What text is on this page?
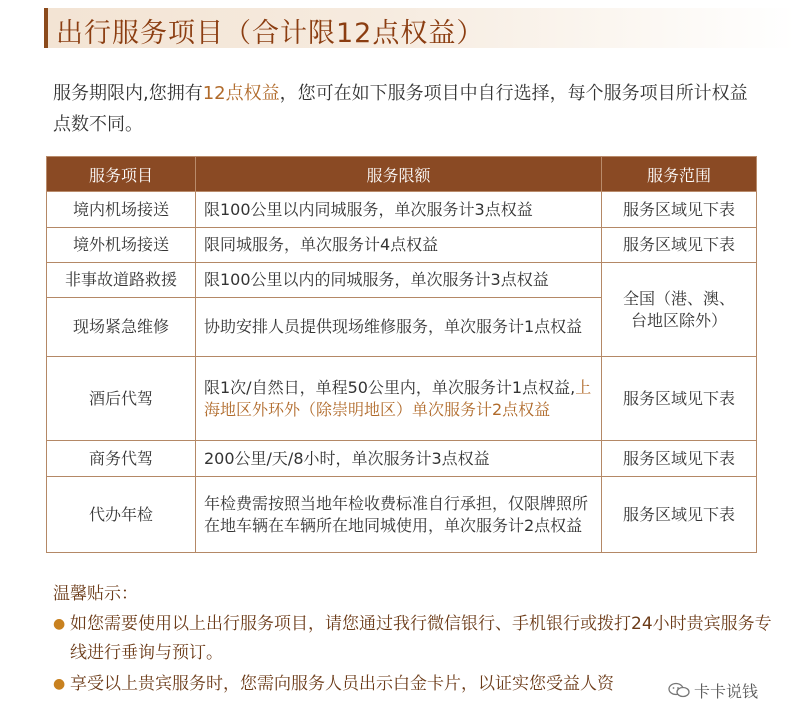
出行服务项目（合计限12点权益）
服务期限内,您拥有12点权益，您可在如下服务项目中自行选择，每个服务项目所计权益点数不同。
服务项目	服务限额	服务范围
境内机场接送	限100公里以内同城服务，单次服务计3点权益	服务区域见下表
境外机场接送	限同城服务，单次服务计4点权益	服务区域见下表
非事故道路救援	限100公里以内的同城服务，单次服务计3点权益	全国（港、澳、台地区除外）
现场紧急维修	协助安排人员提供现场维修服务，单次服务计1点权益	
酒后代驾	限1次/自然日，单程50公里内，单次服务计1点权益,上海地区外环外（除崇明地区）单次服务计2点权益	服务区域见下表
商务代驾	200公里/天/8小时，单次服务计3点权益	服务区域见下表
代办年检	年检费需按照当地年检收费标准自行承担，仅限牌照所在地车辆在车辆所在地同城使用，单次服务计2点权益	服务区域见下表
温馨贴示：
● 如您需要使用以上出行服务项目，请您通过我行微信银行、手机银行或拨打24小时贵宾服务专线进行垂询与预订。
● 享受以上贵宾服务时，您需向服务人员出示白金卡片，以证实您受益人资	卡卡说钱
